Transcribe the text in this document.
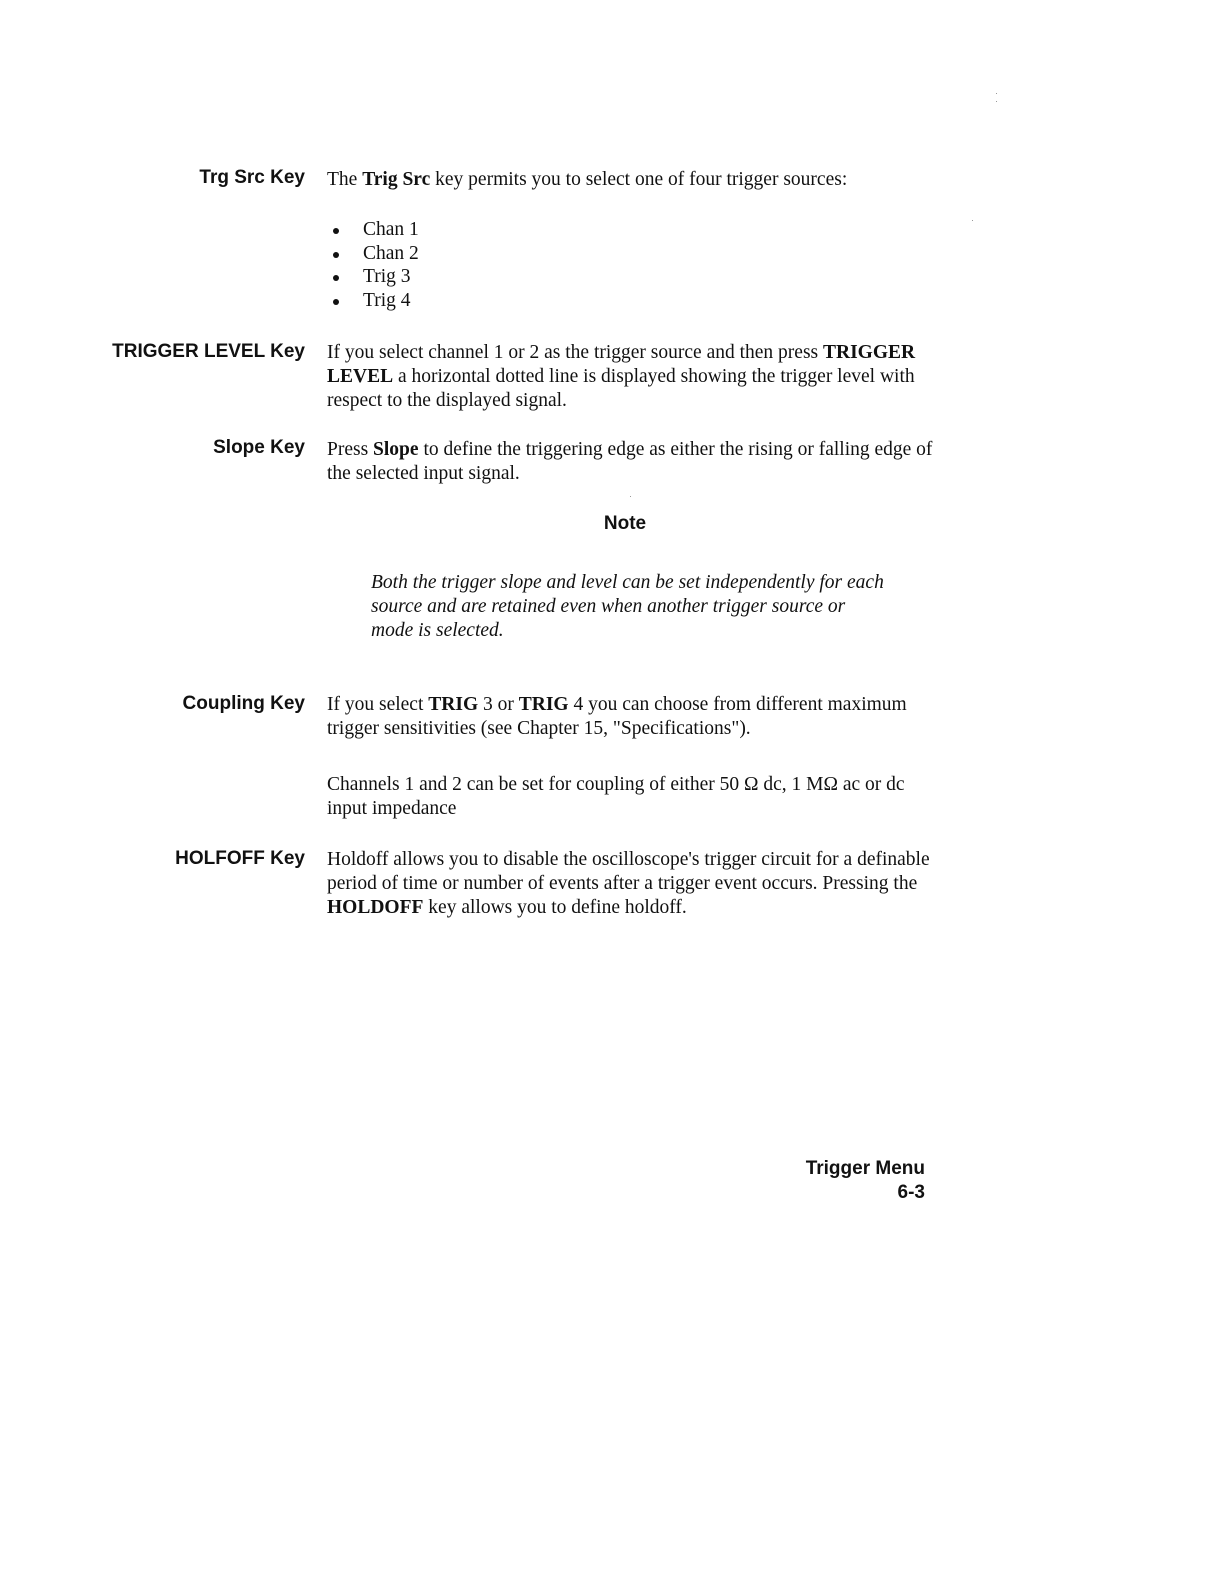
Trg Src Key The Trig Src key permits you to select one of four trigger sources:
Chan 1
Chan 2
Trig 3
Trig 4
TRIGGER LEVEL Key If you select channel 1 or 2 as the trigger source and then press TRIGGER
LEVEL a horizontal dotted line is displayed showing the trigger level with
respect to the displayed signal.
Slope Key Press Slope to define the triggering edge as either the rising or falling edge of the selected input signal.
Note
Both the trigger slope and level can be set independently for each
source and are retained even when another trigger source or
mode is selected.
Coupling Key If you select TRIG 3 or TRIG 4 you can choose from different maximum trigger sensitivities (see Chapter 15, "Specifications").
Channels 1 and 2 can be set for coupling of either 50 Ω dc, 1 MΩ ac or dc input impedance
HOLFOFF Key Holdoff allows you to disable the oscilloscope's trigger circuit for a definable period of time or number of events after a trigger event occurs. Pressing the HOLDOFF key allows you to define holdoff.
Trigger Menu
6-3
